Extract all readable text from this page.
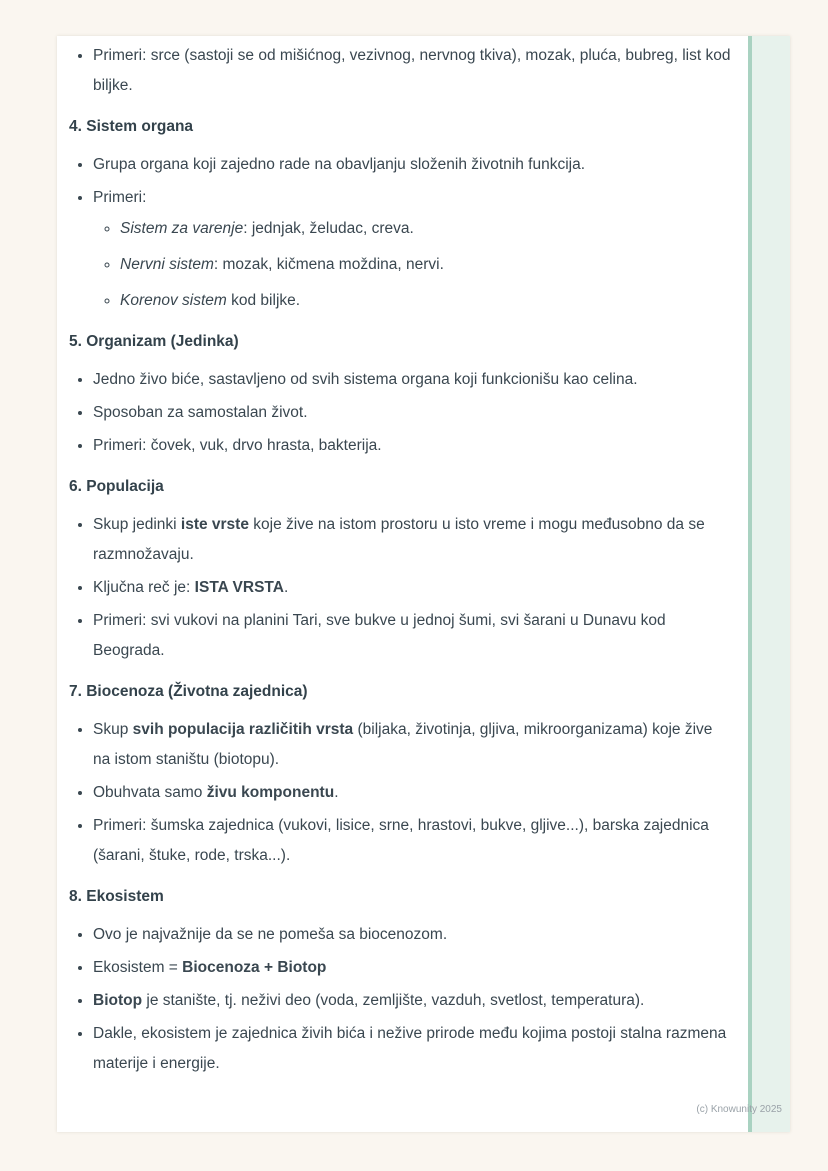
• Primeri: srce (sastoji se od mišićnog, vezivnog, nervnog tkiva), mozak, pluća, bubreg, list kod biljke.
4. Sistem organa
• Grupa organa koji zajedno rade na obavljanju složenih životnih funkcija.
• Primeri:
◦ Sistem za varenje: jednjak, želudac, creva.
◦ Nervni sistem: mozak, kičmena moždina, nervi.
◦ Korenov sistem kod biljke.
5. Organizam (Jedinka)
• Jedno živo biće, sastavljeno od svih sistema organa koji funkcionišu kao celina.
• Sposoban za samostalan život.
• Primeri: čovek, vuk, drvo hrasta, bakterija.
6. Populacija
• Skup jedinki iste vrste koje žive na istom prostoru u isto vreme i mogu međusobno da se razmnožavaju.
• Ključna reč je: ISTA VRSTA.
• Primeri: svi vukovi na planini Tari, sve bukve u jednoj šumi, svi šarani u Dunavu kod Beograda.
7. Biocenoza (Životna zajednica)
• Skup svih populacija različitih vrsta (biljaka, životinja, gljiva, mikroorganizama) koje žive na istom staništu (biotopu).
• Obuhvata samo živu komponentu.
• Primeri: šumska zajednica (vukovi, lisice, srne, hrastovi, bukve, gljive...), barska zajednica (šarani, štuke, rode, trska...).
8. Ekosistem
• Ovo je najvažnije da se ne pomeša sa biocenozom.
• Ekosistem = Biocenoza + Biotop
• Biotop je stanište, tj. neživi deo (voda, zemljište, vazduh, svetlost, temperatura).
• Dakle, ekosistem je zajednica živih bića i nežive prirode među kojima postoji stalna razmena materije i energije.
(c) Knowunity 2025
